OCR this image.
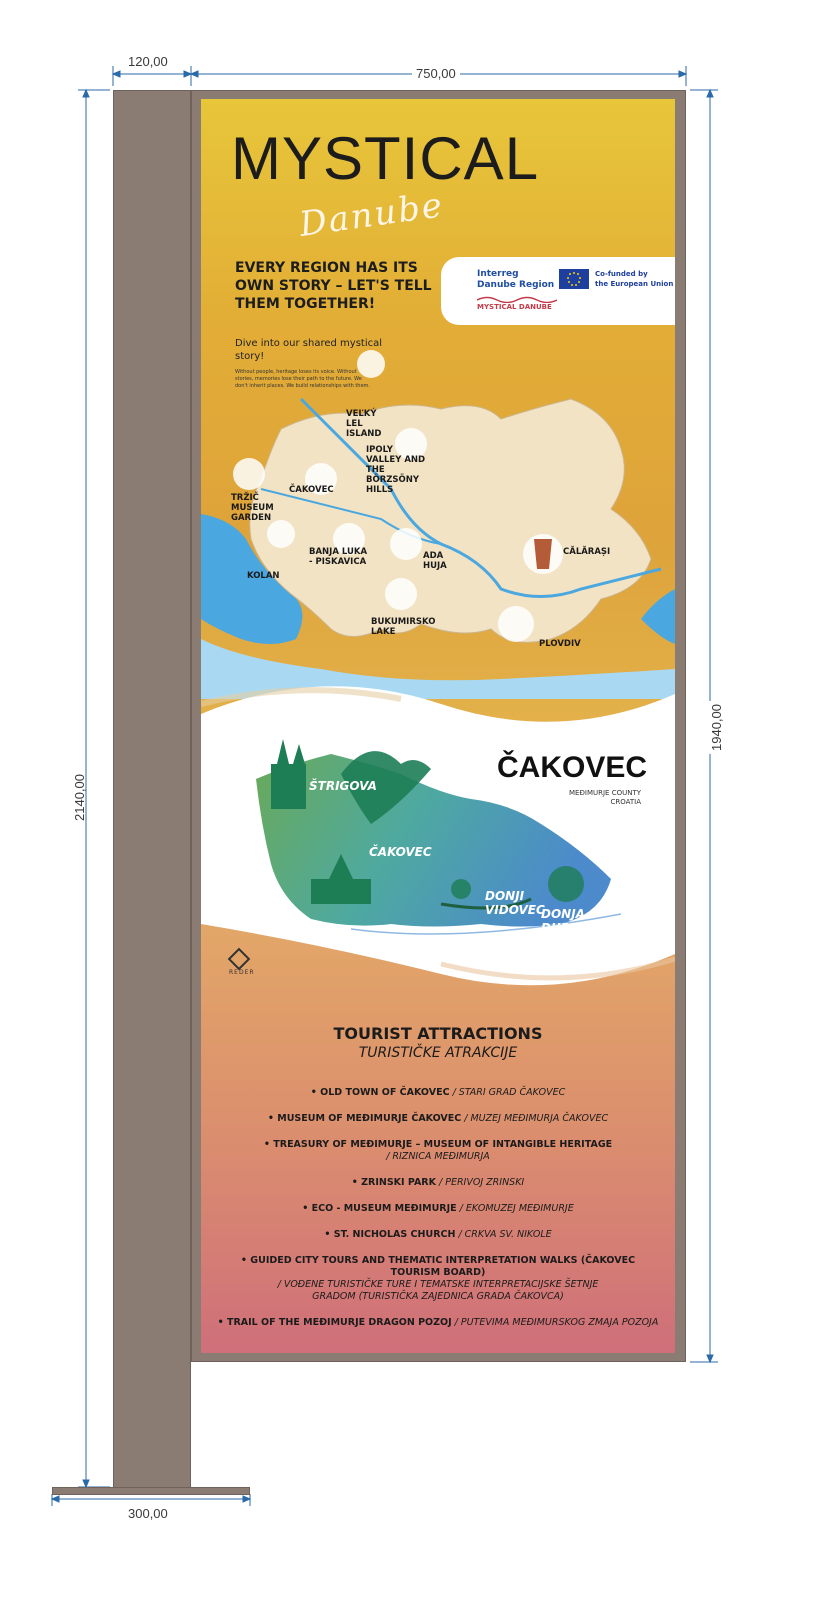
120,00
750,00
2140,00
1940,00
300,00
MYSTICAL
Danube
EVERY REGION HAS ITS OWN STORY – LET'S TELL THEM TOGETHER!
Dive into our shared mystical story!
Without people, heritage loses its voice. Without stories, memories lose their path to the future. We don't inherit places. We build relationships with them.
Interreg
Danube Region
Co-funded by
the European Union
MYSTICAL DANUBE
VEĽKÝ LEL ISLAND
IPOLY VALLEY AND THE BÖRZSÖNY HILLS
TRŽIČ MUSEUM GARDEN
ČAKOVEC
KOLAN
BANJA LUKA - PISKAVICA
ADA HUJA
CĂLĂRAȘI
BUKUMIRSKO LAKE
PLOVDIV
ČAKOVEC
MEĐIMURJE COUNTY
CROATIA
ŠTRIGOVA
ČAKOVEC
DONJI VIDOVEC
DONJA DUBRAVA
REDER
TOURIST ATTRACTIONS
TURISTIČKE ATRAKCIJE
• OLD TOWN OF ČAKOVEC / STARI GRAD ČAKOVEC
• MUSEUM OF MEĐIMURJE ČAKOVEC / MUZEJ MEĐIMURJA ČAKOVEC
• TREASURY OF MEĐIMURJE – MUSEUM OF INTANGIBLE HERITAGE
/ RIZNICA MEĐIMURJA
• ZRINSKI PARK / PERIVOJ ZRINSKI
• ECO - MUSEUM MEĐIMURJE / EKOMUZEJ MEĐIMURJE
• ST. NICHOLAS CHURCH / CRKVA SV. NIKOLE
• GUIDED CITY TOURS AND THEMATIC INTERPRETATION WALKS (ČAKOVEC TOURISM BOARD)
/ VOĐENE TURISTIČKE TURE I TEMATSKE INTERPRETACIJSKE ŠETNJE GRADOM (TURISTIČKA ZAJEDNICA GRADA ČAKOVCA)
• TRAIL OF THE MEĐIMURJE DRAGON POZOJ / PUTEVIMA MEĐIMURSKOG ZMAJA POZOJA
